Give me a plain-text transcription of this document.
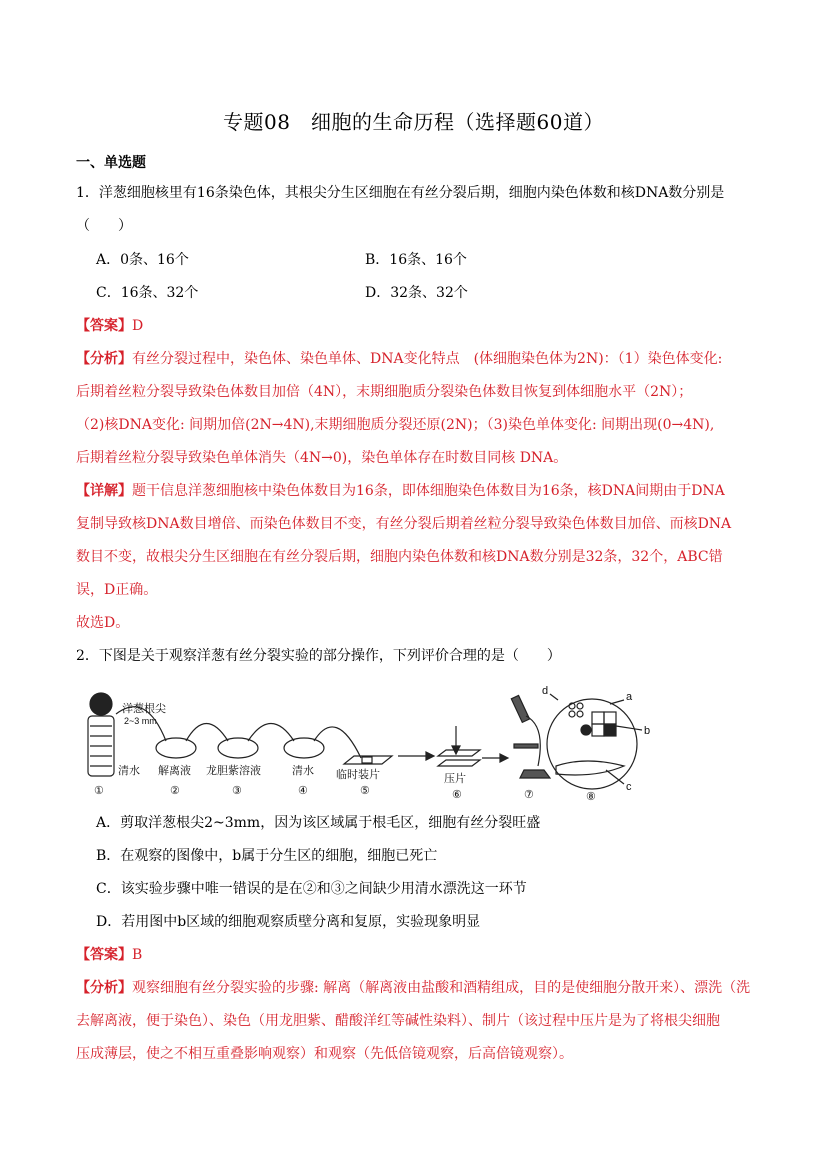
专题08　细胞的生命历程（选择题60道）
一、单选题
1．洋葱细胞核里有16条染色体，其根尖分生区细胞在有丝分裂后期，细胞内染色体数和核DNA数分别是
（　　）
A．0条、16个	B．16条、16个
C．16条、32个	D．32条、32个
【答案】D
【分析】有丝分裂过程中，染色体、染色单体、DNA变化特点　(体细胞染色体为2N)：（1）染色体变化:
后期着丝粒分裂导致染色体数目加倍（4N），末期细胞质分裂染色体数目恢复到体细胞水平（2N）；
（2)核DNA变化: 间期加倍(2N→4N),末期细胞质分裂还原(2N)；（3)染色单体变化: 间期出现(0→4N),
后期着丝粒分裂导致染色单体消失（4N→0)，染色单体存在时数目同核 DNA。
【详解】题干信息洋葱细胞核中染色体数目为16条，即体细胞染色体数目为16条，核DNA间期由于DNA
复制导致核DNA数目增倍、而染色体数目不变，有丝分裂后期着丝粒分裂导致染色体数目加倍、而核DNA
数目不变，故根尖分生区细胞在有丝分裂后期，细胞内染色体数和核DNA数分别是32条，32个，ABC错
误，D正确。
故选D。
2．下图是关于观察洋葱有丝分裂实验的部分操作，下列评价合理的是（　　）
洋葱根尖
2~3 mm
清水 解离液 龙胆紫溶液	清水 临时装片	压片
①	②	③	④	⑤	⑥	⑦	⑧
a
b
c
d
A．剪取洋葱根尖2~3mm，因为该区域属于根毛区，细胞有丝分裂旺盛
B．在观察的图像中，b属于分生区的细胞，细胞已死亡
C．该实验步骤中唯一错误的是在②和③之间缺少用清水漂洗这一环节
D．若用图中b区域的细胞观察质壁分离和复原，实验现象明显
【答案】B
【分析】观察细胞有丝分裂实验的步骤: 解离（解离液由盐酸和酒精组成，目的是使细胞分散开来）、漂洗（洗
去解离液，便于染色）、染色（用龙胆紫、醋酸洋红等碱性染料）、制片（该过程中压片是为了将根尖细胞
压成薄层，使之不相互重叠影响观察）和观察（先低倍镜观察，后高倍镜观察）。
